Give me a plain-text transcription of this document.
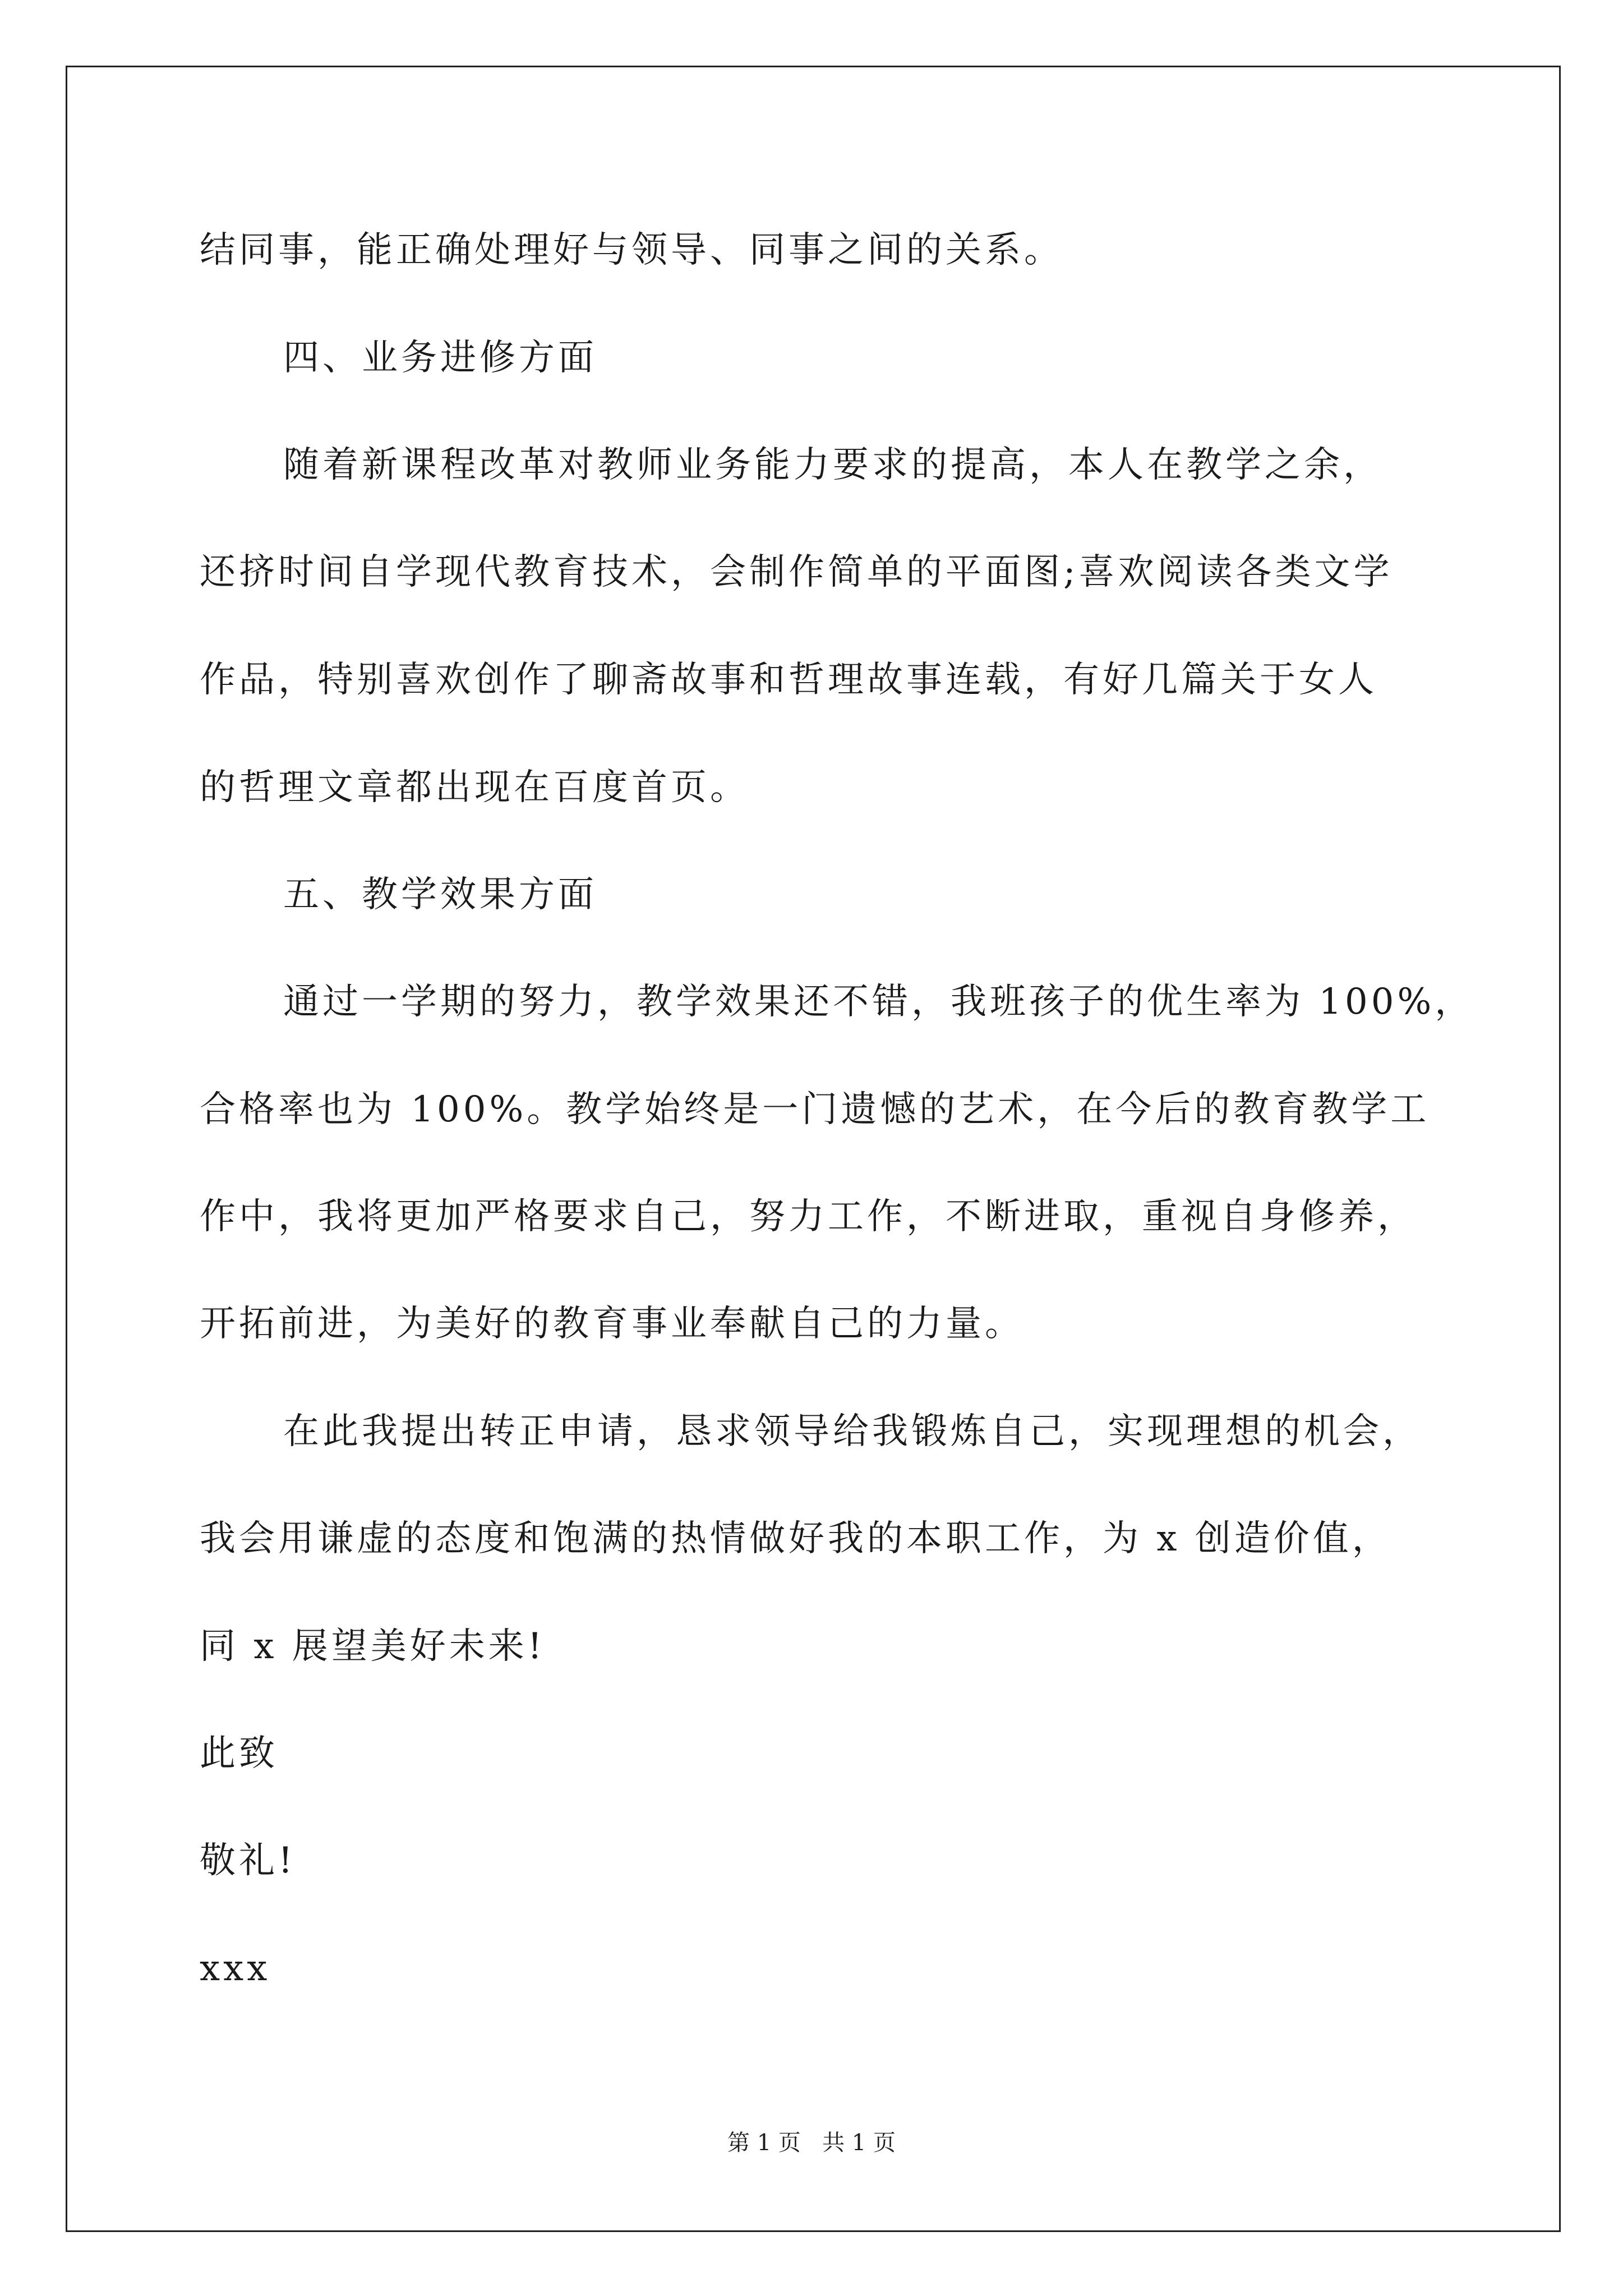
结同事，能正确处理好与领导、同事之间的关系。
四、业务进修方面
随着新课程改革对教师业务能力要求的提高，本人在教学之余，
还挤时间自学现代教育技术，会制作简单的平面图;喜欢阅读各类文学
作品，特别喜欢创作了聊斋故事和哲理故事连载，有好几篇关于女人
的哲理文章都出现在百度首页。
五、教学效果方面
通过一学期的努力，教学效果还不错，我班孩子的优生率为 100%，
合格率也为 100%。教学始终是一门遗憾的艺术，在今后的教育教学工
作中，我将更加严格要求自己，努力工作，不断进取，重视自身修养，
开拓前进，为美好的教育事业奉献自己的力量。
在此我提出转正申请，恳求领导给我锻炼自己，实现理想的机会，
我会用谦虚的态度和饱满的热情做好我的本职工作，为 x 创造价值，
同 x 展望美好未来!
此致
敬礼!
xxx
第 1 页   共 1 页
